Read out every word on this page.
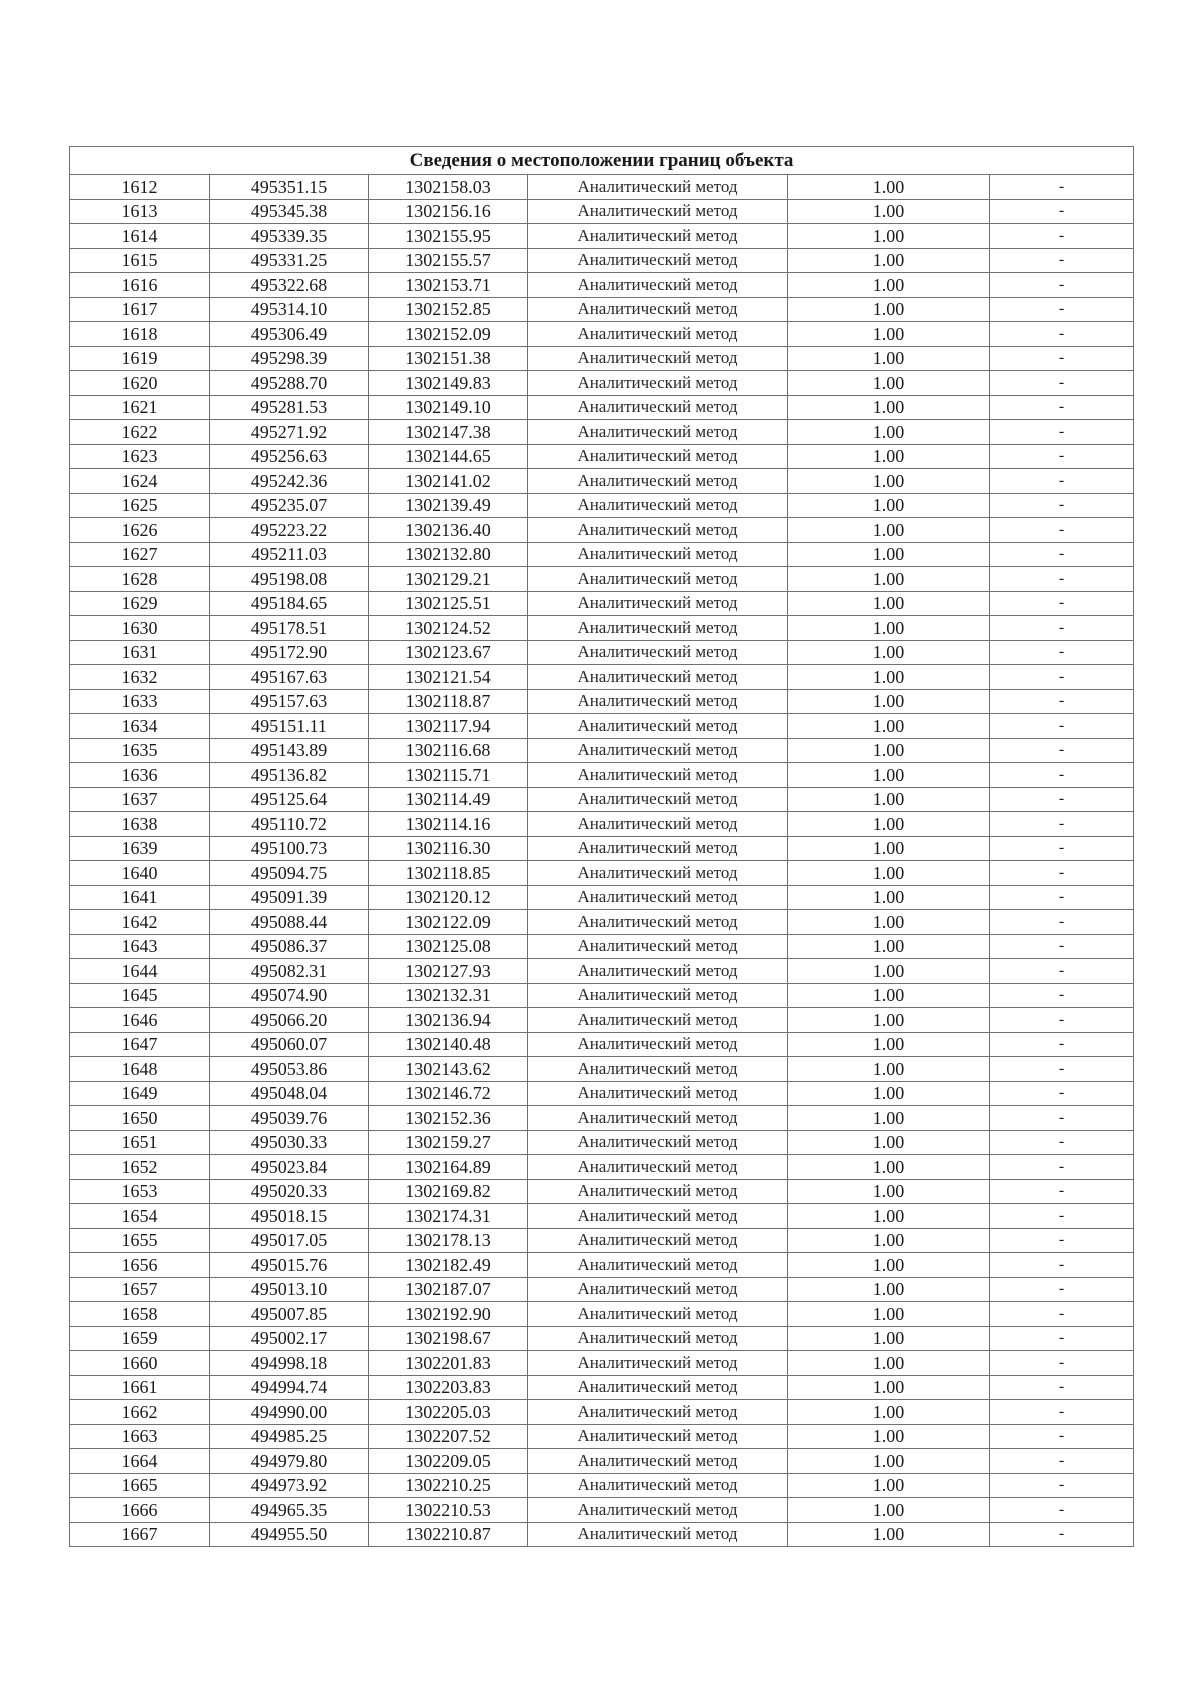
Сведения о местоположении границ объекта					
1612	495351.15	1302158.03	Аналитический метод	1.00	-
1613	495345.38	1302156.16	Аналитический метод	1.00	-
1614	495339.35	1302155.95	Аналитический метод	1.00	-
1615	495331.25	1302155.57	Аналитический метод	1.00	-
1616	495322.68	1302153.71	Аналитический метод	1.00	-
1617	495314.10	1302152.85	Аналитический метод	1.00	-
1618	495306.49	1302152.09	Аналитический метод	1.00	-
1619	495298.39	1302151.38	Аналитический метод	1.00	-
1620	495288.70	1302149.83	Аналитический метод	1.00	-
1621	495281.53	1302149.10	Аналитический метод	1.00	-
1622	495271.92	1302147.38	Аналитический метод	1.00	-
1623	495256.63	1302144.65	Аналитический метод	1.00	-
1624	495242.36	1302141.02	Аналитический метод	1.00	-
1625	495235.07	1302139.49	Аналитический метод	1.00	-
1626	495223.22	1302136.40	Аналитический метод	1.00	-
1627	495211.03	1302132.80	Аналитический метод	1.00	-
1628	495198.08	1302129.21	Аналитический метод	1.00	-
1629	495184.65	1302125.51	Аналитический метод	1.00	-
1630	495178.51	1302124.52	Аналитический метод	1.00	-
1631	495172.90	1302123.67	Аналитический метод	1.00	-
1632	495167.63	1302121.54	Аналитический метод	1.00	-
1633	495157.63	1302118.87	Аналитический метод	1.00	-
1634	495151.11	1302117.94	Аналитический метод	1.00	-
1635	495143.89	1302116.68	Аналитический метод	1.00	-
1636	495136.82	1302115.71	Аналитический метод	1.00	-
1637	495125.64	1302114.49	Аналитический метод	1.00	-
1638	495110.72	1302114.16	Аналитический метод	1.00	-
1639	495100.73	1302116.30	Аналитический метод	1.00	-
1640	495094.75	1302118.85	Аналитический метод	1.00	-
1641	495091.39	1302120.12	Аналитический метод	1.00	-
1642	495088.44	1302122.09	Аналитический метод	1.00	-
1643	495086.37	1302125.08	Аналитический метод	1.00	-
1644	495082.31	1302127.93	Аналитический метод	1.00	-
1645	495074.90	1302132.31	Аналитический метод	1.00	-
1646	495066.20	1302136.94	Аналитический метод	1.00	-
1647	495060.07	1302140.48	Аналитический метод	1.00	-
1648	495053.86	1302143.62	Аналитический метод	1.00	-
1649	495048.04	1302146.72	Аналитический метод	1.00	-
1650	495039.76	1302152.36	Аналитический метод	1.00	-
1651	495030.33	1302159.27	Аналитический метод	1.00	-
1652	495023.84	1302164.89	Аналитический метод	1.00	-
1653	495020.33	1302169.82	Аналитический метод	1.00	-
1654	495018.15	1302174.31	Аналитический метод	1.00	-
1655	495017.05	1302178.13	Аналитический метод	1.00	-
1656	495015.76	1302182.49	Аналитический метод	1.00	-
1657	495013.10	1302187.07	Аналитический метод	1.00	-
1658	495007.85	1302192.90	Аналитический метод	1.00	-
1659	495002.17	1302198.67	Аналитический метод	1.00	-
1660	494998.18	1302201.83	Аналитический метод	1.00	-
1661	494994.74	1302203.83	Аналитический метод	1.00	-
1662	494990.00	1302205.03	Аналитический метод	1.00	-
1663	494985.25	1302207.52	Аналитический метод	1.00	-
1664	494979.80	1302209.05	Аналитический метод	1.00	-
1665	494973.92	1302210.25	Аналитический метод	1.00	-
1666	494965.35	1302210.53	Аналитический метод	1.00	-
1667	494955.50	1302210.87	Аналитический метод	1.00	-
